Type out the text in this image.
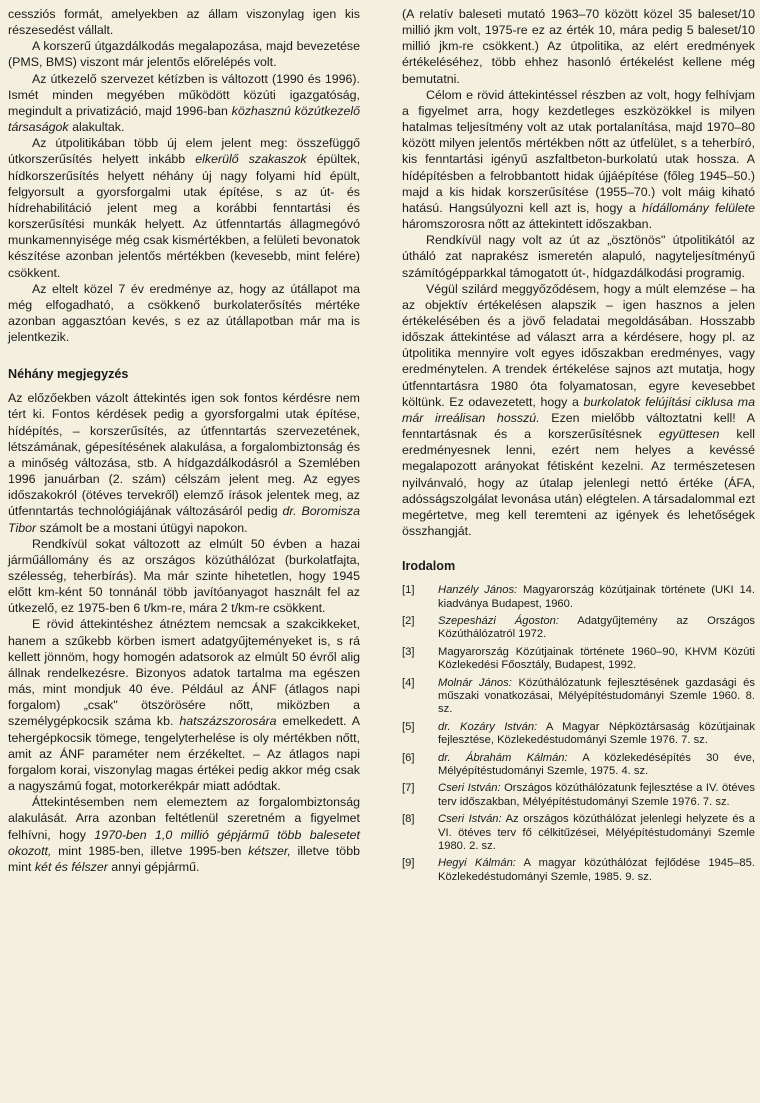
cessziós formát, amelyekben az állam viszonylag igen kis részesedést vállalt.

A korszerű útgazdálkodás megalapozása, majd bevezetése (PMS, BMS) viszont már jelentős előrelépés volt.

Az útkezelő szervezet kétízben is változott (1990 és 1996). Ismét minden megyében működött közúti igazgatóság, megindult a privatizáció, majd 1996-ban közhasznú közútkezelő társaságok alakultak.

Az útpolitikában több új elem jelent meg: összefüggő útkorszerűsítés helyett inkább elkerülő szakaszok épültek, hídkorszerűsítés helyett néhány új nagy folyami híd épült, felgyorsult a gyorsforgalmi utak építése, s az út- és hídrehabilitáció jelent meg a korábbi fenntartási és korszerűsítési munkák helyett. Az útfenntartás állagmegóvó munkamennyisége még csak kismértékben, a felületi bevonatok készítése azonban jelentős mértékben (kevesebb, mint felére) csökkent.

Az eltelt közel 7 év eredménye az, hogy az útállapot ma még elfogadható, a csökkenő burkolaterősítés mértéke azonban aggasztóan kevés, s ez az útállapotban már ma is jelentkezik.

Néhány megjegyzés

Az előzőekben vázolt áttekintés igen sok fontos kérdésre nem tért ki. Fontos kérdések pedig a gyorsforgalmi utak építése, hídépítés, – korszerűsítés, az útfenntartás szervezetének, létszámának, gépesítésének alakulása, a forgalombiztonság és a minőség változása, stb. A hídgazdálkodásról a Szemlében 1996 januárban (2. szám) célszám jelent meg. Az egyes időszakokról (ötéves tervekről) elemző írások jelentek meg, az útfenntartás technológiájának változásáról pedig dr. Boromisza Tibor számolt be a mostani útügyi napokon.

Rendkívül sokat változott az elmúlt 50 évben a hazai járműállomány és az országos közúthálózat (burkolatfajta, szélesség, teherbírás). Ma már szinte hihetetlen, hogy 1945 előtt km-ként 50 tonnánál több javítóanyagot használt fel az útkezelő, ez 1975-ben 6 t/km-re, mára 2 t/km-re csökkent.

E rövid áttekintéshez átnéztem nemcsak a szakcikkeket, hanem a szűkebb körben ismert adatgyűjteményeket is, s rá kellett jönnöm, hogy homogén adatsorok az elmúlt 50 évről alig állnak rendelkezésre. Bizonyos adatok tartalma ma egészen más, mint mondjuk 40 éve. Például az ÁNF (átlagos napi forgalom) „csak" ötszörösére nőtt, miközben a személygépkocsik száma kb. hatszázszorosára emelkedett. A tehergépkocsik tömege, tengelyterhelése is oly mértékben nőtt, amit az ÁNF paraméter nem érzékeltet. – Az átlagos napi forgalom korai, viszonylag magas értékei pedig akkor még csak a nagyszámú fogat, motorkerékpár miatt adódtak.

Áttekintésemben nem elemeztem az forgalombiztonság alakulását. Arra azonban feltétlenül szeretném a figyelmet felhívni, hogy 1970-ben 1,0 millió gépjármű több balesetet okozott, mint 1985-ben, illetve 1995-ben kétszer, illetve több mint két és félszer annyi gépjármű.

(A relatív baleseti mutató 1963–70 között közel 35 baleset/10 millió jkm volt, 1975-re ez az érték 10, mára pedig 5 baleset/10 millió jkm-re csökkent.) Az útpolitika, az elért eredmények értékeléséhez, több ehhez hasonló értékelést kellene még bemutatni.

Célom e rövid áttekintéssel részben az volt, hogy felhívjam a figyelmet arra, hogy kezdetleges eszközökkel is milyen hatalmas teljesítmény volt az utak portalanítása, majd 1970–80 között milyen jelentős mértékben nőtt az útfelület, s a teherbíró, kis fenntartási igényű aszfaltbeton-burkolatú utak hossza. A hídépítésben a felrobbantott hidak újjáépítése (főleg 1945–50.) majd a kis hidak korszerűsítése (1955–70.) volt máig kiható hatású. Hangsúlyozni kell azt is, hogy a hídállomány felülete háromszorosra nőtt az áttekintett időszakban.

Rendkívül nagy volt az út az „ösztönös" útpolitikától az útháló zat naprakész ismeretén alapuló, nagyteljesítményű számítógépparkkal támogatott út-, hídgazdálkodási programig.

Végül szilárd meggyőződésem, hogy a múlt elemzése – ha az objektív értékelésen alapszik – igen hasznos a jelen értékelésében és a jövő feladatai megoldásában. Hosszabb időszak áttekintése ad választ arra a kérdésere, hogy pl. az útpolitika mennyire volt egyes időszakban eredményes, vagy eredménytelen. A trendek értékelése sajnos azt mutatja, hogy útfenntartásra 1980 óta folyamatosan, egyre kevesebbet költünk. Ez odavezetett, hogy a burkolatok felújítási ciklusa ma már irreálisan hosszú. Ezen mielőbb változtatni kell! A fenntartásnak és a korszerűsítésnek együttesen kell eredményesnek lenni, ezért nem helyes a kevéssé megalapozott arányokat fétisként kezelni. Az természetesen nyilvánvaló, hogy az útalap jelenlegi nettó értéke (ÁFA, adósságszolgálat levonása után) elégtelen. A társadalommal ezt megértetve, meg kell teremteni az igények és lehetőségek összhangját.

Irodalom
[1]	Hanzély János: Magyarország közútjainak története (UKI 14. kiadványa Budapest, 1960.
[2]	Szepesházi Ágoston: Adatgyűjtemény az Országos Közúthálózatról 1972.
[3]	Magyarország Közútjainak története 1960–90, KHVM Közúti Közlekedési Főosztály, Budapest, 1992.
[4]	Molnár János: Közúthálózatunk fejlesztésének gazdasági és műszaki vonatkozásai, Mélyépítéstudományi Szemle 1960. 8. sz.
[5]	dr. Kozáry István: A Magyar Népköztársaság közútjainak fejlesztése, Közlekedéstudományi Szemle 1976. 7. sz.
[6]	dr. Ábrahám Kálmán: A közlekedésépítés 30 éve, Mélyépítéstudományi Szemle, 1975. 4. sz.
[7]	Cseri István: Országos közúthálózatunk fejlesztése a IV. ötéves terv időszakban, Mélyépítéstudományi Szemle 1976. 7. sz.
[8]	Cseri István: Az országos közúthálózat jelenlegi helyzete és a VI. ötéves terv fő célkitűzései, Mélyépítéstudományi Szemle 1980. 2. sz.
[9]	Hegyi Kálmán: A magyar közúthálózat fejlődése 1945–85. Közlekedéstudományi Szemle, 1985. 9. sz.
